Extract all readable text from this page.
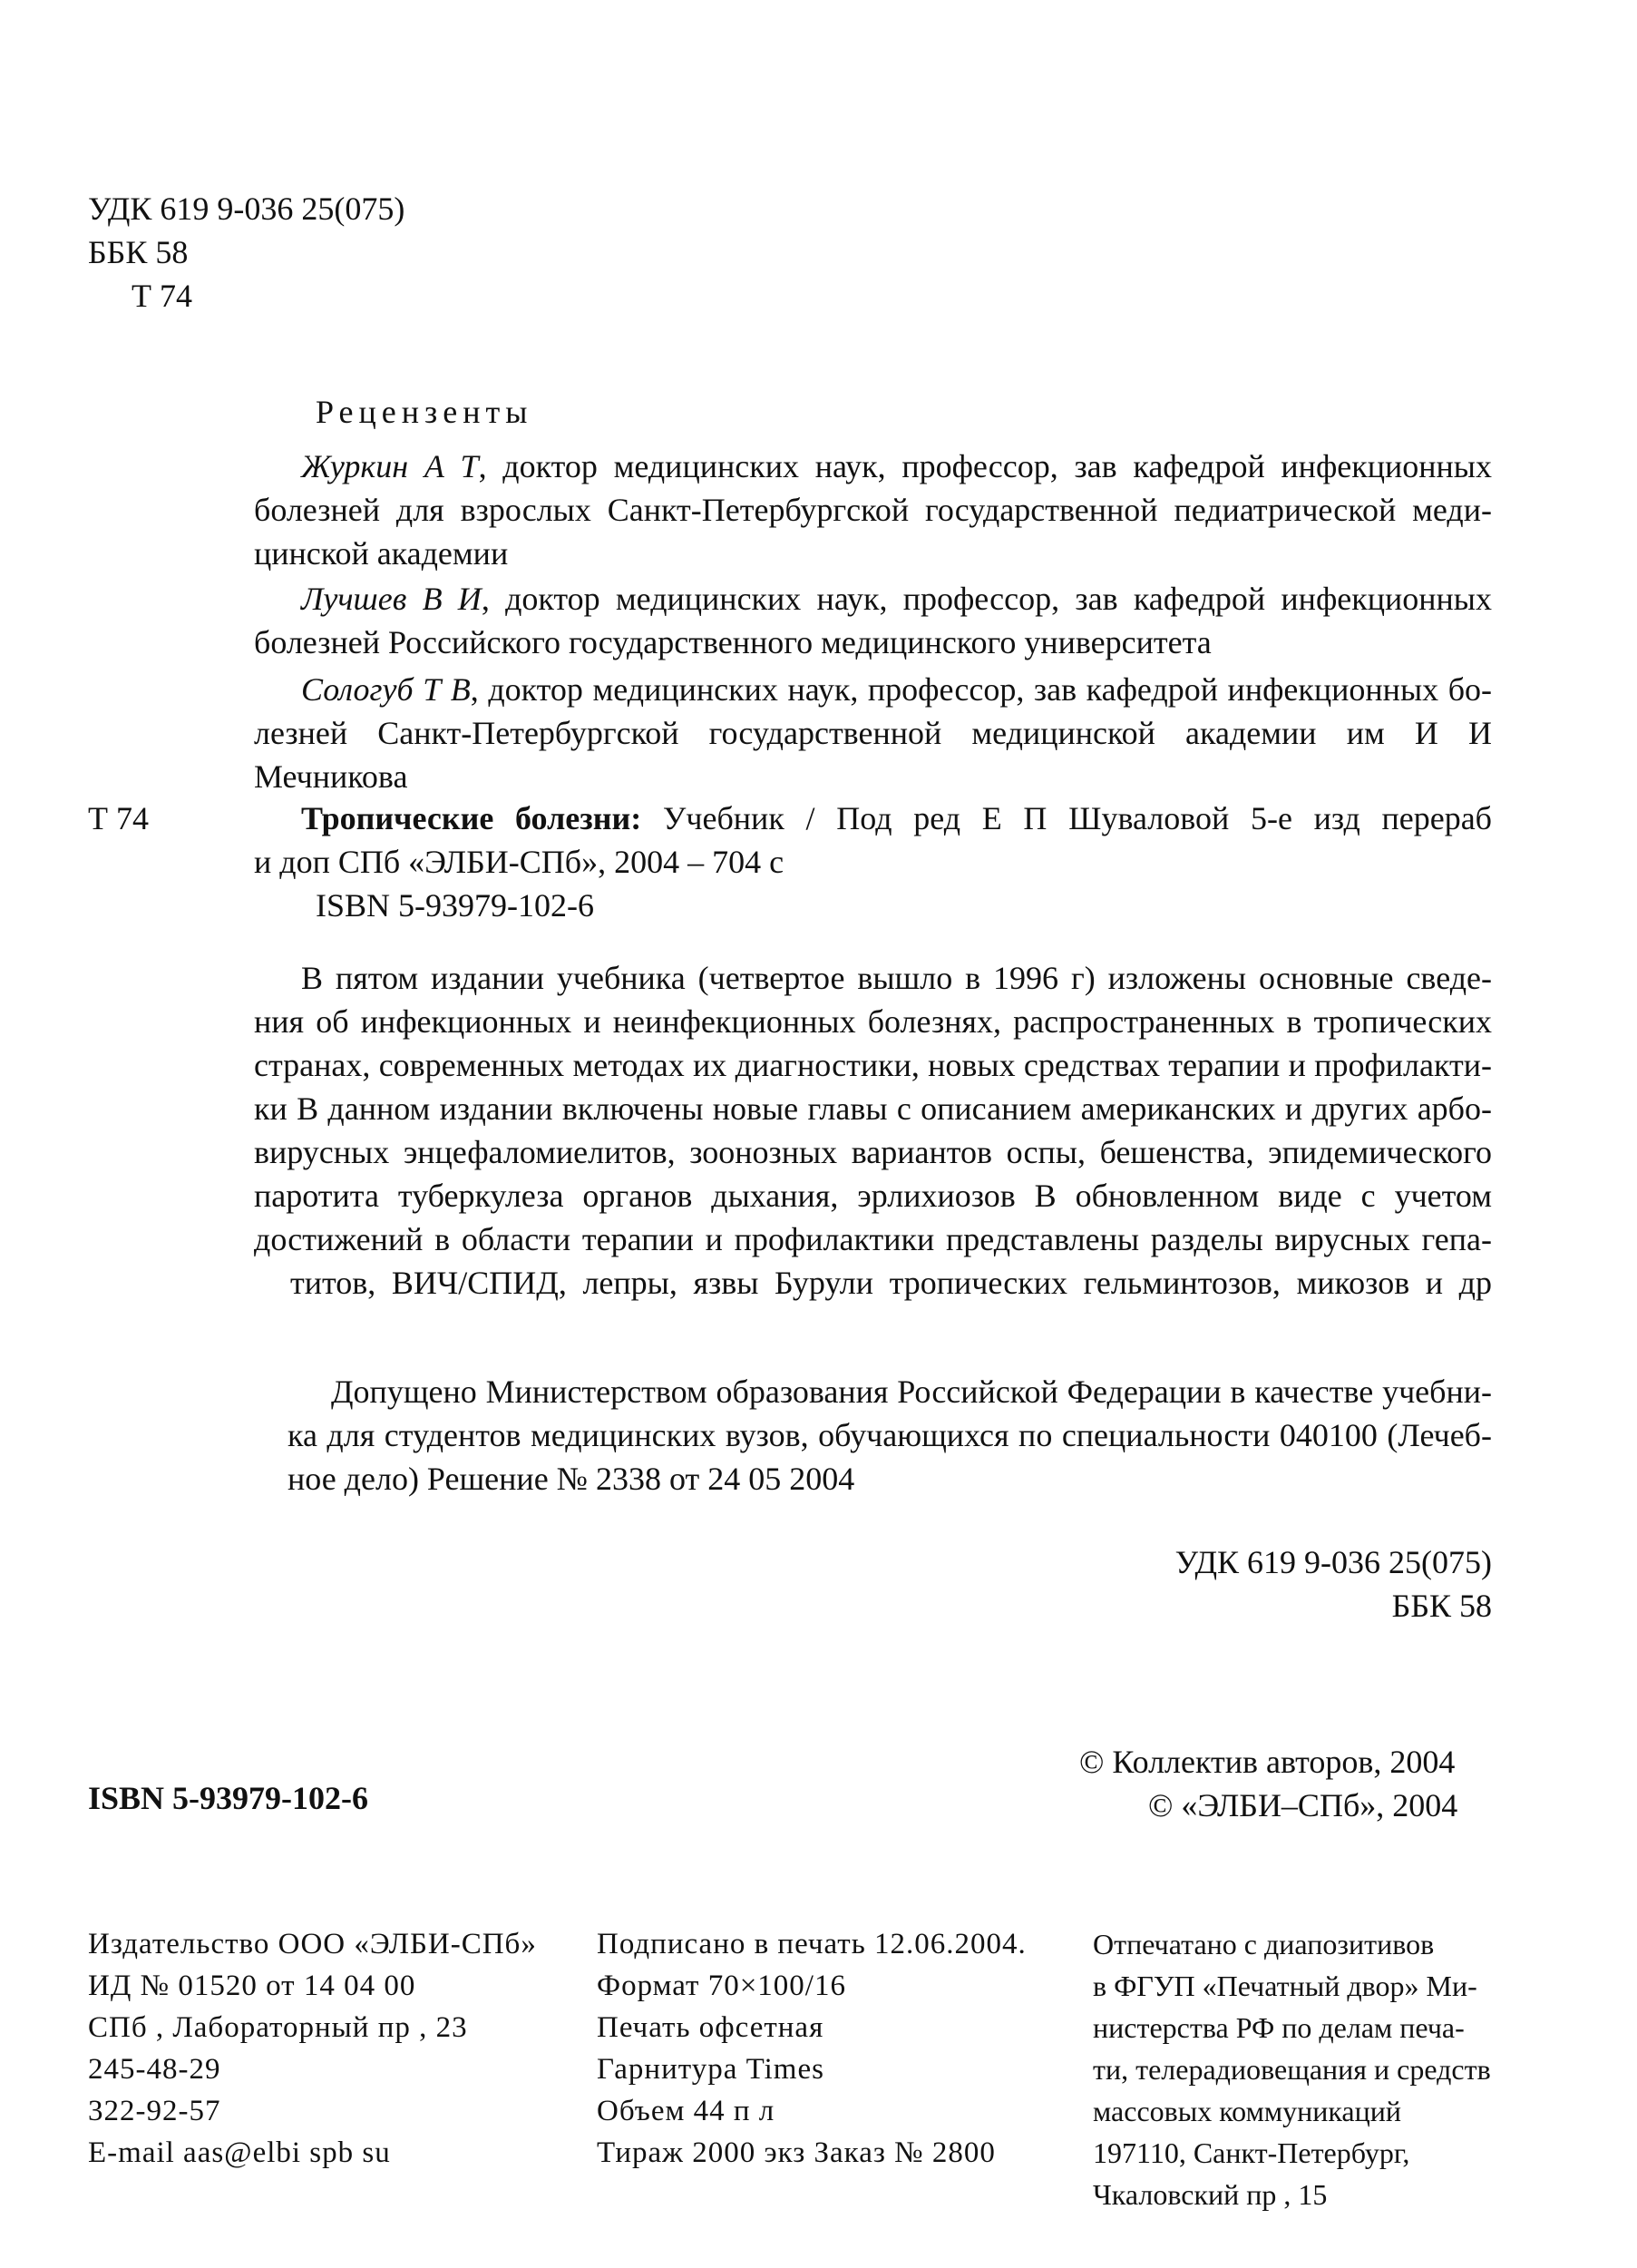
УДК 619 9-036 25(075)
ББК 58
Т 74
Рецензенты
Журкин А Т, доктор медицинских наук, профессор, зав кафедрой инфекционных
болезней для взрослых Санкт-Петербургской государственной педиатрической меди-
цинской академии
Лучшев В И, доктор медицинских наук, профессор, зав кафедрой инфекционных
болезней Российского государственного медицинского университета
Сологуб Т В, доктор медицинских наук, профессор, зав кафедрой инфекционных бо-
лезней Санкт-Петербургской государственной медицинской академии им И И Мечникова
Т 74	Тропические болезни: Учебник / Под ред Е П Шуваловой 5-е изд перераб
и доп СПб «ЭЛБИ-СПб», 2004 – 704 с
ISBN 5-93979-102-6
В пятом издании учебника (четвертое вышло в 1996 г) изложены основные сведе-
ния об инфекционных и неинфекционных болезнях, распространенных в тропических
странах, современных методах их диагностики, новых средствах терапии и профилакти-
ки В данном издании включены новые главы с описанием американских и других арбо-
вирусных энцефаломиелитов, зоонозных вариантов оспы, бешенства, эпидемического
паротита туберкулеза органов дыхания, эрлихиозов В обновленном виде с учетом
достижений в области терапии и профилактики представлены разделы вирусных гепа-
титов, ВИЧ/СПИД, лепры, язвы Бурули тропических гельминтозов, микозов и др
Допущено Министерством образования Российской Федерации в качестве учебни-
ка для студентов медицинских вузов, обучающихся по специальности 040100 (Лечеб-
ное дело) Решение № 2338 от 24 05 2004
УДК 619 9-036 25(075)
ББК 58
ISBN 5-93979-102-6
© Коллектив авторов, 2004
© «ЭЛБИ–СПб», 2004
Издательство ООО «ЭЛБИ-СПб»
ИД № 01520 от 14 04 00
СПб , Лабораторный пр , 23
245-48-29
322-92-57
E-mail aas@elbi spb su
Подписано в печать 12.06.2004.
Формат 70×100/16
Печать офсетная
Гарнитура Times
Объем 44 п л
Тираж 2000 экз Заказ № 2800
Отпечатано с диапозитивов
в ФГУП «Печатный двор» Ми-
нистерства РФ по делам печа-
ти, телерадиовещания и средств
массовых коммуникаций
197110, Санкт-Петербург,
Чкаловский пр , 15
